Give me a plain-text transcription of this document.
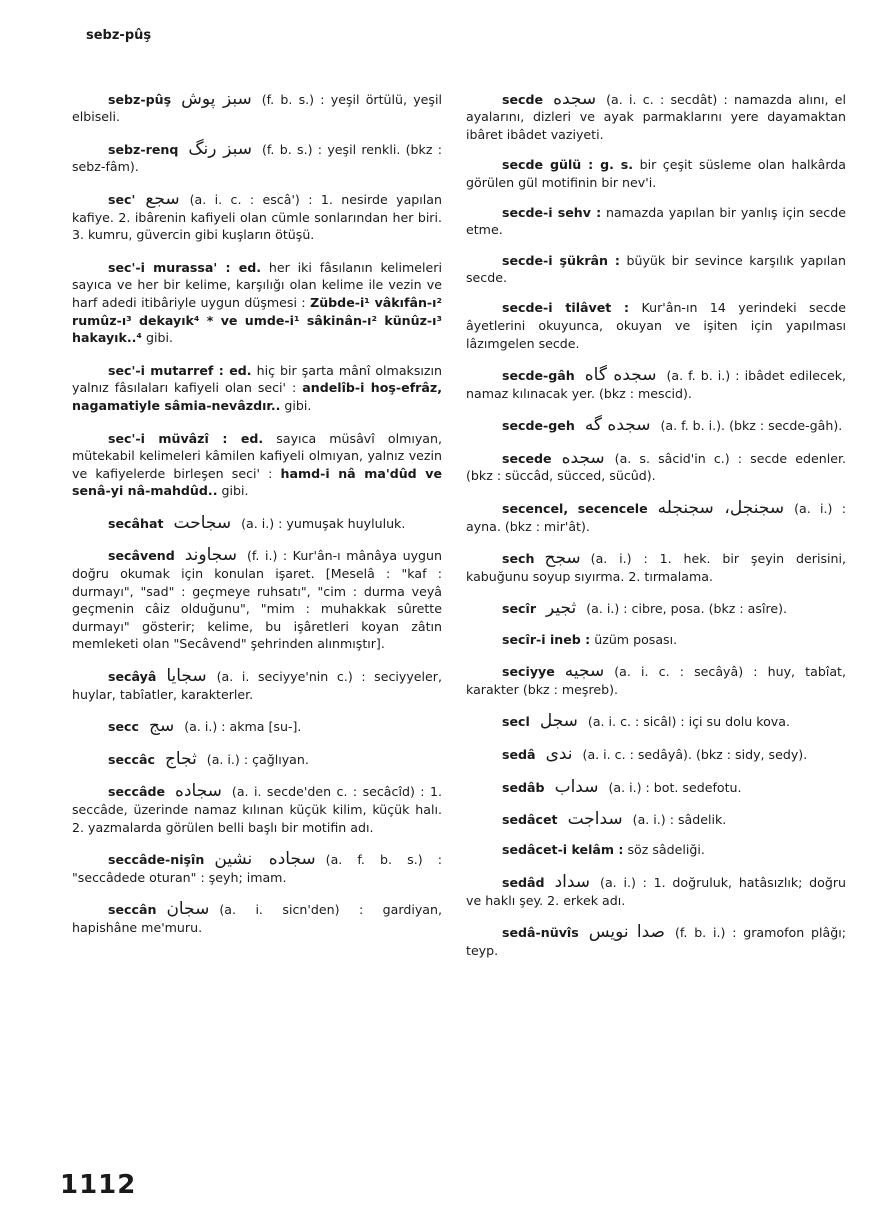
sebz-pûş

sebz-pûş سبز پوش (f. b. s.) : yeşil örtülü, yeşil elbiseli.

sebz-renq سبز رنگ (f. b. s.) : yeşil renkli. (bkz : sebz-fâm).

sec' سجع (a. i. c. : escâ') : 1. nesirde yapılan kafiye. 2. ibârenin kafiyeli olan cümle sonlarından her biri. 3. kumru, güvercin gibi kuşların ötüşü.

sec'-i murassa' : ed. her iki fâsılanın kelimeleri sayıca ve her bir kelime, karşılığı olan kelime ile vezin ve harf adedi itibâriyle uygun düşmesi : Zübde-i¹ vâkıfân-ı² rumûz-ı³ dekayık⁴ * ve umde-i¹ sâkinân-ı² künûz-ı³ hakayık..⁴ gibi.

sec'-i mutarref : ed. hiç bir şarta mânî olmaksızın yalnız fâsılaları kafiyeli olan seci' : andelîb-i hoş-efrâz, nagamatiyle sâmia-nevâzdır.. gibi.

sec'-i müvâzî : ed. sayıca müsâvî olmıyan, mütekabil kelimeleri kâmilen kafiyeli olmıyan, yalnız vezin ve kafiyelerde birleşen seci' : hamd-i nâ ma'dûd ve senâ-yi nâ-mahdûd.. gibi.

secâhat سجاحت (a. i.) : yumuşak huyluluk.

secâvend سجاوند (f. i.) : Kur'ân-ı mânâya uygun doğru okumak için konulan işaret. [Meselâ : "kaf : durmayı", "sad" : geçmeye ruhsatı", "cim : durma veyâ geçmenin câiz olduğunu", "mim : muhakkak sûrette durmayı" gösterir; kelime, bu işâretleri koyan zâtın memleketi olan "Secâvend" şehrinden alınmıştır].

secâyâ سجايا (a. i. seciyye'nin c.) : seciyyeler, huylar, tabîatler, karakterler.

secc سج (a. i.) : akma [su-].

seccâc ثجاج (a. i.) : çağlıyan.

seccâde سجاده (a. i. secde'den c. : secâcîd) : 1. seccâde, üzerinde namaz kılınan küçük kilim, küçük halı. 2. yazmalarda görülen belli başlı bir motifin adı.

seccâde-nişîn سجاده نشين (a. f. b. s.) : "seccâdede oturan" : şeyh; imam.

seccân سجان (a. i. sicn'den) : gardiyan, hapishâne me'muru.

secde سجده (a. i. c. : secdât) : namazda alını, el ayalarını, dizleri ve ayak parmaklarını yere dayamaktan ibâret ibâdet vaziyeti.

secde gülü : g. s. bir çeşit süsleme olan halkârda görülen gül motifinin bir nev'i.

secde-i sehv : namazda yapılan bir yanlış için secde etme.

secde-i şükrân : büyük bir sevince karşılık yapılan secde.

secde-i tilâvet : Kur'ân-ın 14 yerindeki secde âyetlerini okuyunca, okuyan ve işiten için yapılması lâzımgelen secde.

secde-gâh سجده گاه (a. f. b. i.) : ibâdet edilecek, namaz kılınacak yer. (bkz : mescid).

secde-geh سجده گه (a. f. b. i.). (bkz : secde-gâh).

secede سجده (a. s. sâcid'in c.) : secde edenler. (bkz : süccâd, sücced, sücûd).

secencel, secencele سجنجل، سجنجله (a. i.) : ayna. (bkz : mir'ât).

sech سجح (a. i.) : 1. hek. bir şeyin derisini, kabuğunu soyup sıyırma. 2. tırmalama.

secîr ثجير (a. i.) : cibre, posa. (bkz : asîre).

secîr-i ineb : üzüm posası.

seciyye سجيه (a. i. c. : secâyâ) : huy, tabîat, karakter (bkz : meşreb).

secl سجل (a. i. c. : sicâl) : içi su dolu kova.

sedâ ندى (a. i. c. : sedâyâ). (bkz : sidy, sedy).

sedâb سداب (a. i.) : bot. sedefotu.

sedâcet سداجت (a. i.) : sâdelik.

sedâcet-i kelâm : söz sâdeliği.

sedâd سداد (a. i.) : 1. doğruluk, hatâsızlık; doğru ve haklı şey. 2. erkek adı.

sedâ-nüvîs صدا نويس (f. b. i.) : gramofon plâğı; teyp.

1112
